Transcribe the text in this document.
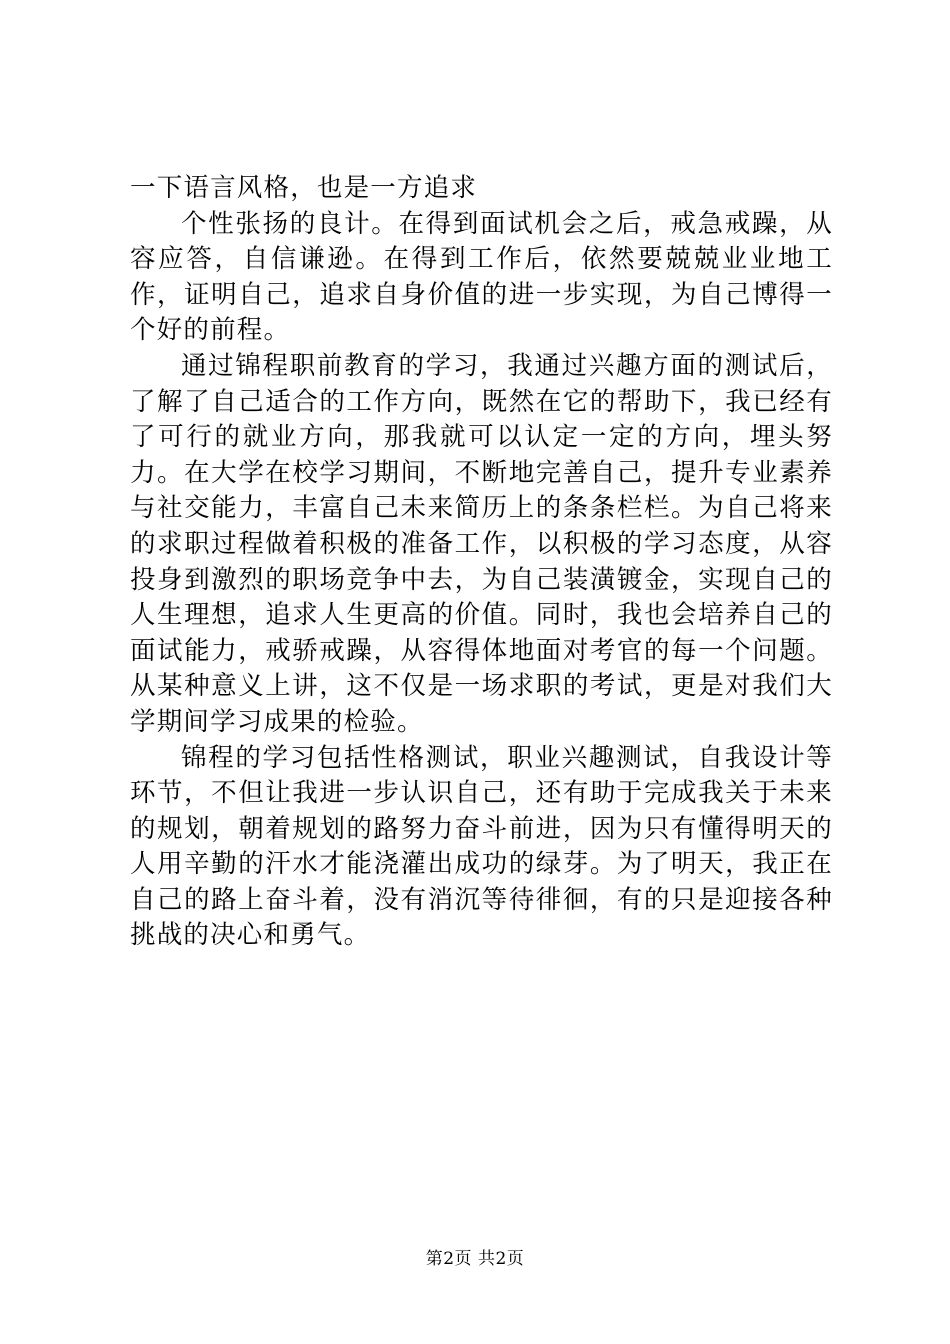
一下语言风格，也是一方追求

个性张扬的良计。在得到面试机会之后，戒急戒躁，从容应答，自信谦逊。在得到工作后，依然要兢兢业业地工作，证明自己，追求自身价值的进一步实现，为自己博得一个好的前程。

通过锦程职前教育的学习，我通过兴趣方面的测试后，了解了自己适合的工作方向，既然在它的帮助下，我已经有了可行的就业方向，那我就可以认定一定的方向，埋头努力。在大学在校学习期间，不断地完善自己，提升专业素养与社交能力，丰富自己未来简历上的条条栏栏。为自己将来的求职过程做着积极的准备工作，以积极的学习态度，从容投身到激烈的职场竞争中去，为自己装潢镀金，实现自己的人生理想，追求人生更高的价值。同时，我也会培养自己的面试能力，戒骄戒躁，从容得体地面对考官的每一个问题。从某种意义上讲，这不仅是一场求职的考试，更是对我们大学期间学习成果的检验。

锦程的学习包括性格测试，职业兴趣测试，自我设计等环节，不但让我进一步认识自己，还有助于完成我关于未来的规划，朝着规划的路努力奋斗前进，因为只有懂得明天的人用辛勤的汗水才能浇灌出成功的绿芽。为了明天，我正在自己的路上奋斗着，没有消沉等待徘徊，有的只是迎接各种挑战的决心和勇气。

第2页 共2页
